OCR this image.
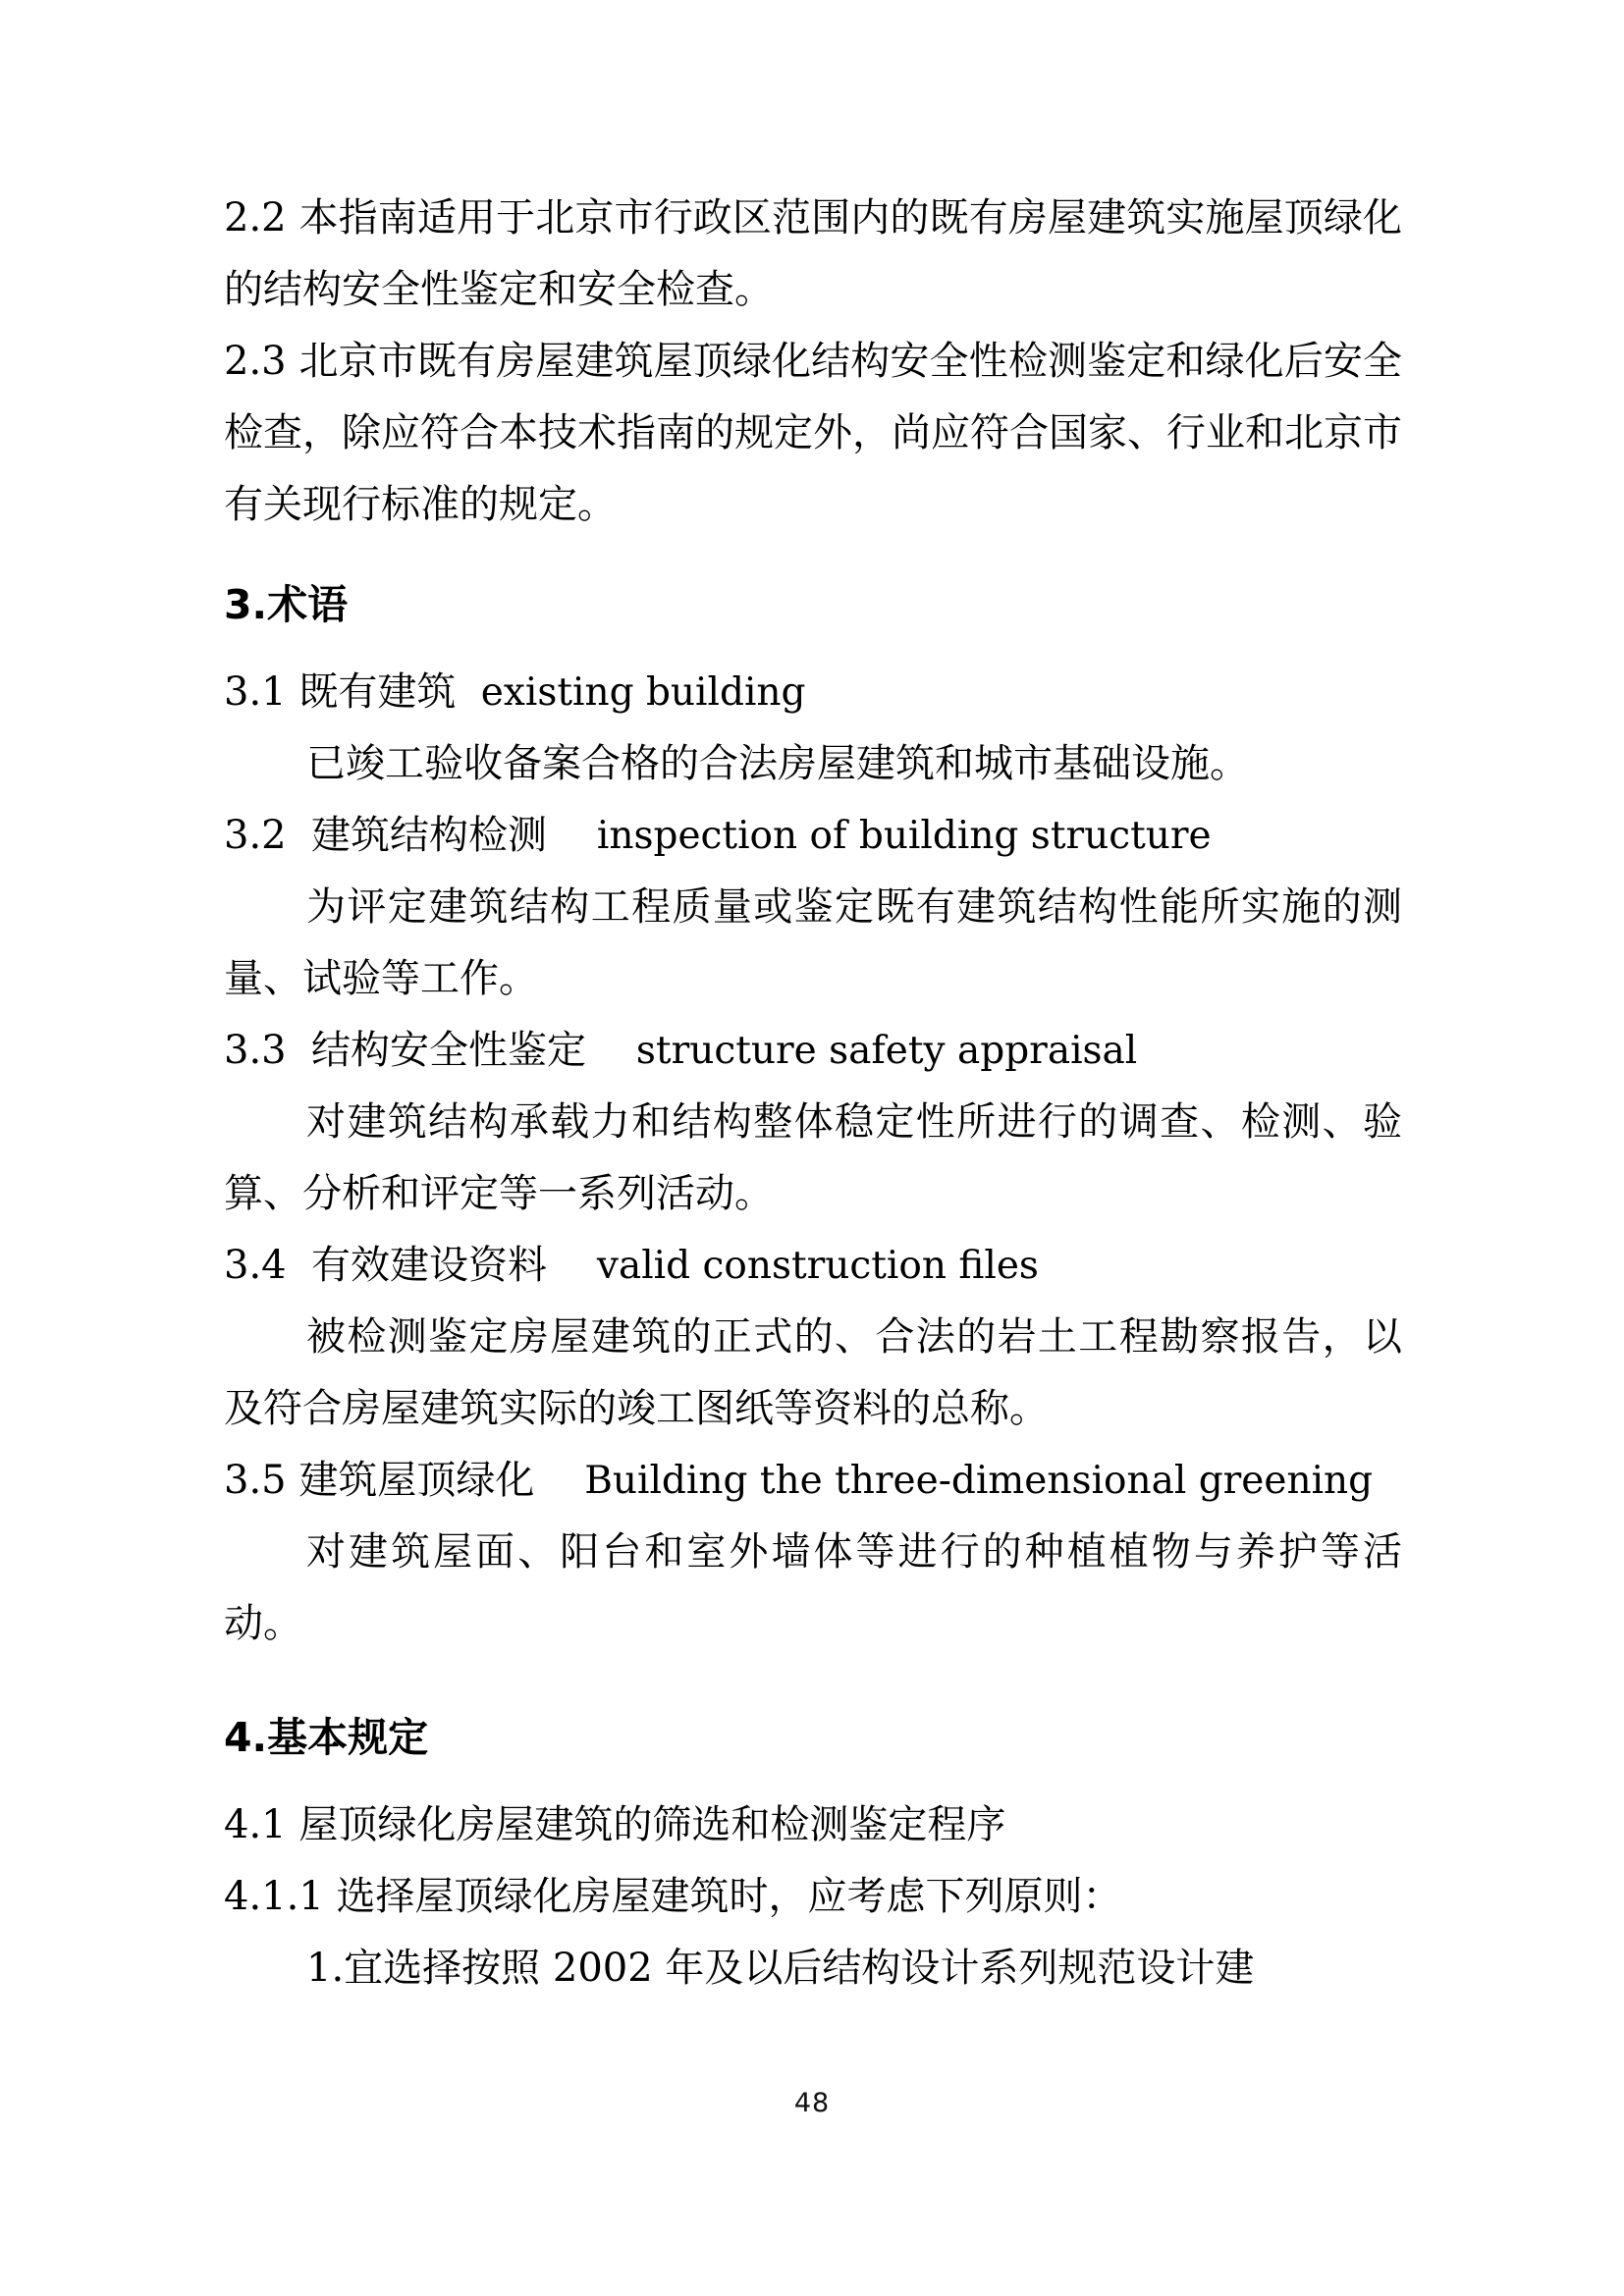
2.2 本指南适用于北京市行政区范围内的既有房屋建筑实施屋顶绿化的结构安全性鉴定和安全检查。

2.3 北京市既有房屋建筑屋顶绿化结构安全性检测鉴定和绿化后安全检查，除应符合本技术指南的规定外，尚应符合国家、行业和北京市有关现行标准的规定。

3.术语

3.1 既有建筑  existing building

已竣工验收备案合格的合法房屋建筑和城市基础设施。

3.2  建筑结构检测    inspection of building structure

为评定建筑结构工程质量或鉴定既有建筑结构性能所实施的测量、试验等工作。

3.3  结构安全性鉴定    structure safety appraisal

对建筑结构承载力和结构整体稳定性所进行的调查、检测、验算、分析和评定等一系列活动。

3.4  有效建设资料    valid construction files

被检测鉴定房屋建筑的正式的、合法的岩土工程勘察报告，以及符合房屋建筑实际的竣工图纸等资料的总称。

3.5 建筑屋顶绿化    Building the three-dimensional greening

对建筑屋面、阳台和室外墙体等进行的种植植物与养护等活动。

4.基本规定

4.1 屋顶绿化房屋建筑的筛选和检测鉴定程序

4.1.1 选择屋顶绿化房屋建筑时，应考虑下列原则：

1.宜选择按照 2002 年及以后结构设计系列规范设计建

48
